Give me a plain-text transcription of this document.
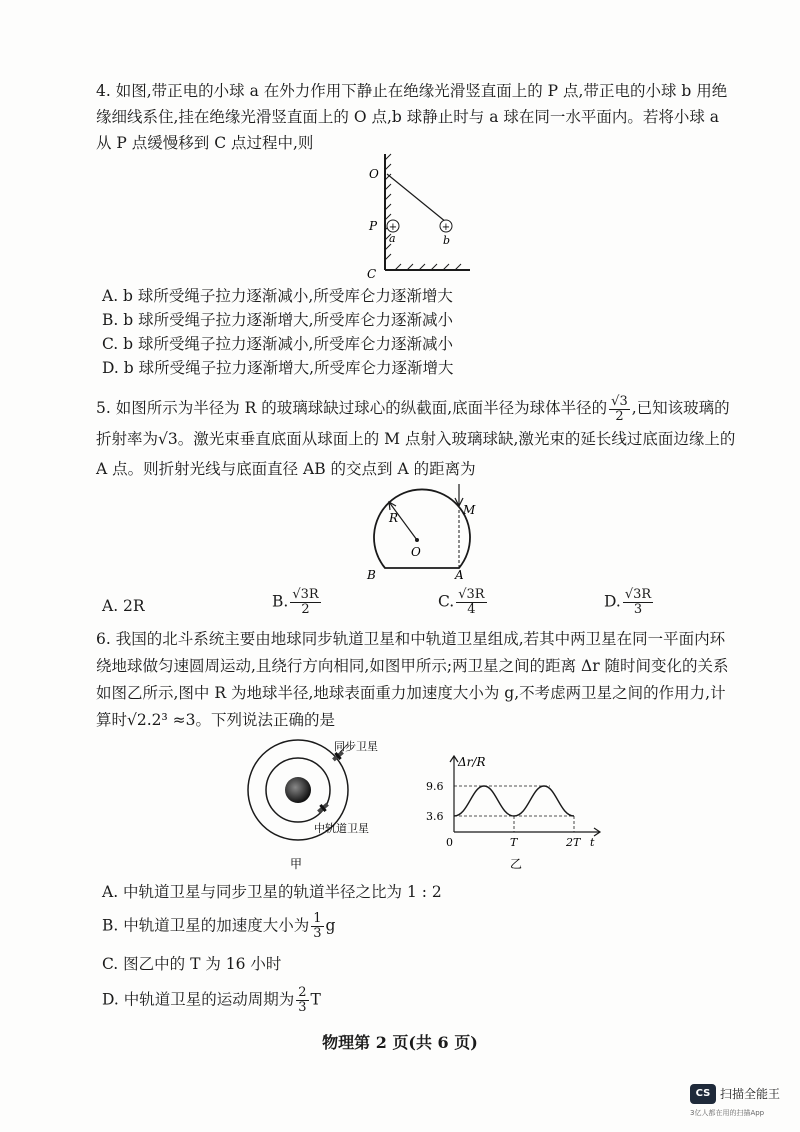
4. 如图,带正电的小球 a 在外力作用下静止在绝缘光滑竖直面上的 P 点,带正电的小球 b 用绝缘细线系住,挂在绝缘光滑竖直面上的 O 点,b 球静止时与 a 球在同一水平面内。若将小球 a 从 P 点缓慢移到 C 点过程中,则

+	+
O
P
a	b
C
A. b 球所受绳子拉力逐渐减小,所受库仑力逐渐增大
B. b 球所受绳子拉力逐渐增大,所受库仑力逐渐减小
C. b 球所受绳子拉力逐渐减小,所受库仑力逐渐减小
D. b 球所受绳子拉力逐渐增大,所受库仑力逐渐增大

5. 如图所示为半径为 R 的玻璃球缺过球心的纵截面,底面半径为球体半径的 $\frac{√3}{2}$ ,已知该玻璃的折射率为√3。激光束垂直底面从球面上的 M 点射入玻璃球缺,激光束的延长线过底面边缘上的 A 点。则折射光线与底面直径 AB 的交点到 A 的距离为

R
O
M
A
B
A. 2R	B. $\frac{√3R}{2}$	C. $\frac{√3R}{4}$	D. $\frac{√3R}{3}$

6. 我国的北斗系统主要由地球同步轨道卫星和中轨道卫星组成,若其中两卫星在同一平面内环绕地球做匀速圆周运动,且绕行方向相同,如图甲所示;两卫星之间的距离 Δr 随时间变化的关系如图乙所示,图中 R 为地球半径,地球表面重力加速度大小为 g,不考虑两卫星之间的作用力,计算时√2.2³ ≈3。下列说法正确的是

同步卫星
中轨道卫星
甲
Δr/R
9.6
3.6
0	T	2T t
乙
A. 中轨道卫星与同步卫星的轨道半径之比为 1 : 2
B. 中轨道卫星的加速度大小为 $\frac{1}{3}$ g
C. 图乙中的 T 为 16 小时
D. 中轨道卫星的运动周期为 $\frac{2}{3}$ T
物理第 2 页(共 6 页)
CS 扫描全能王
3亿人都在用的扫描App
